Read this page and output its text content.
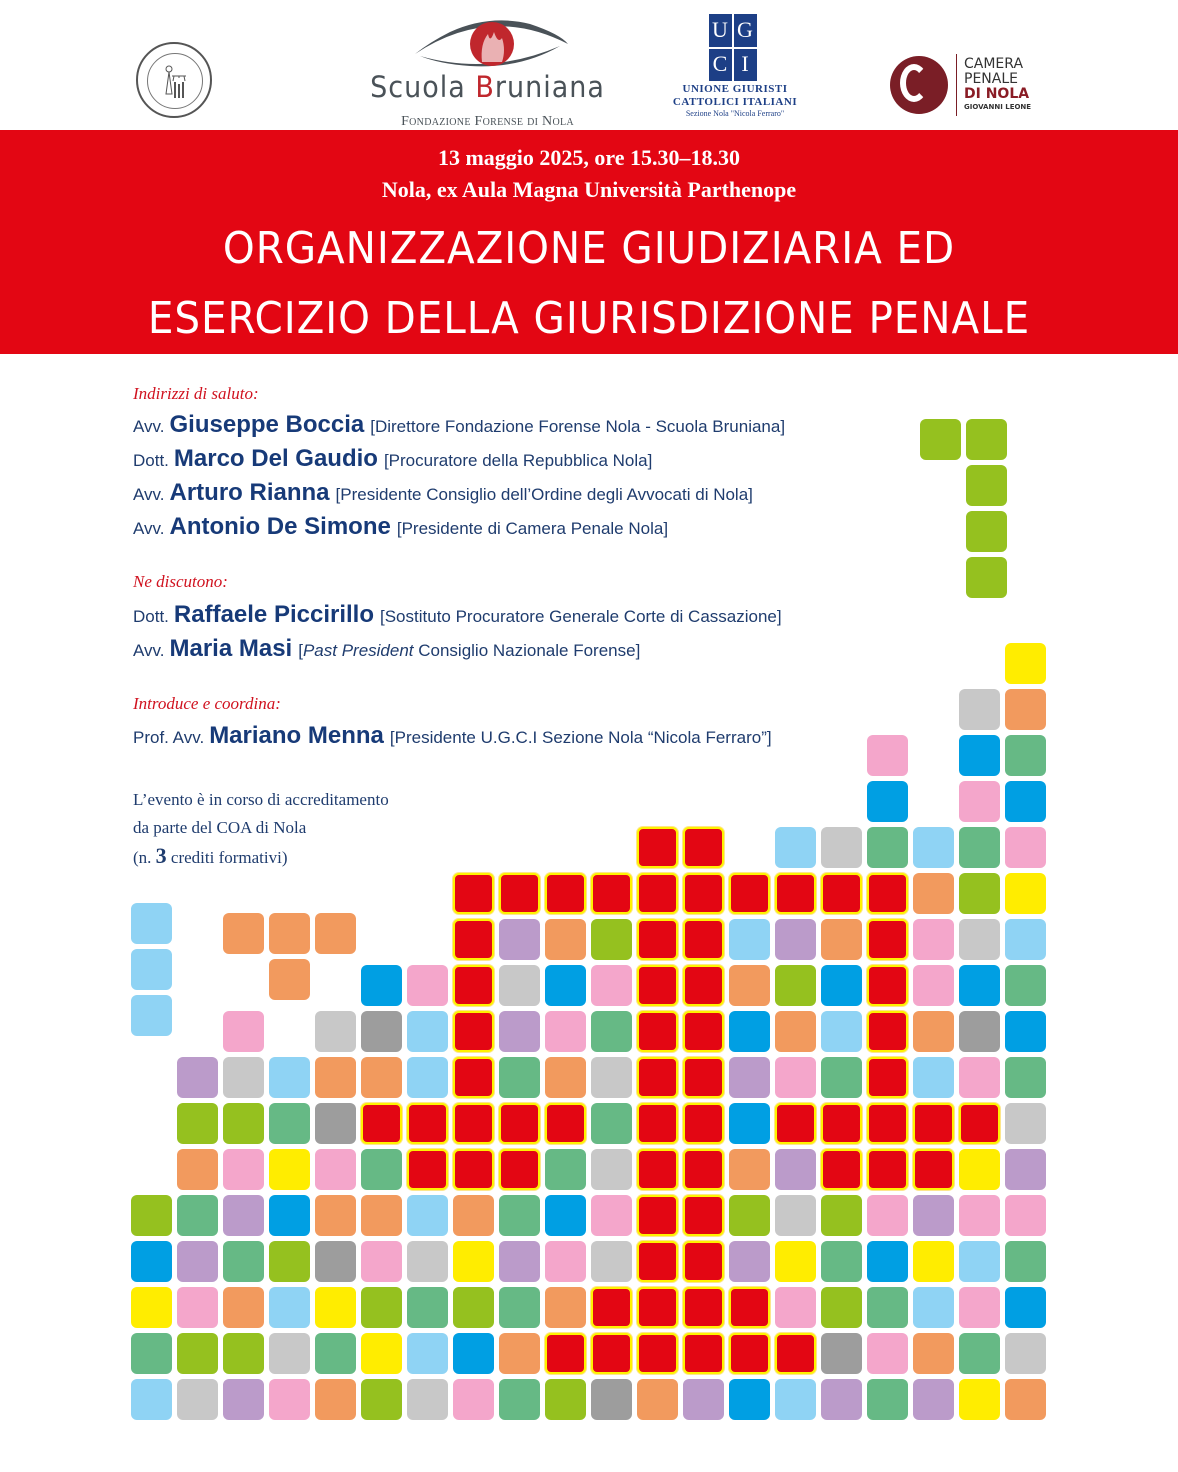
Scuola Bruniana
Fondazione Forense di Nola
U G
C I
UNIONE GIURISTI
CATTOLICI ITALIANI
Sezione Nola "Nicola Ferraro"
CAMERA
PENALE
DI NOLA
GIOVANNI LEONE
13 maggio 2025, ore 15.30–18.30
Nola, ex Aula Magna Università Parthenope
ORGANIZZAZIONE GIUDIZIARIA ED
ESERCIZIO DELLA GIURISDIZIONE PENALE
Indirizzi di saluto:
Avv. Giuseppe Boccia [Direttore Fondazione Forense Nola - Scuola Bruniana]
Dott. Marco Del Gaudio [Procuratore della Repubblica Nola]
Avv. Arturo Rianna [Presidente Consiglio dell’Ordine degli Avvocati di Nola]
Avv. Antonio De Simone [Presidente di Camera Penale Nola]
Ne discutono:
Dott. Raffaele Piccirillo [Sostituto Procuratore Generale Corte di Cassazione]
Avv. Maria Masi [Past President Consiglio Nazionale Forense]
Introduce e coordina:
Prof. Avv. Mariano Menna [Presidente U.G.C.I Sezione Nola “Nicola Ferraro”]
L’evento è in corso di accreditamento
da parte del COA di Nola
(n. 3 crediti formativi)
